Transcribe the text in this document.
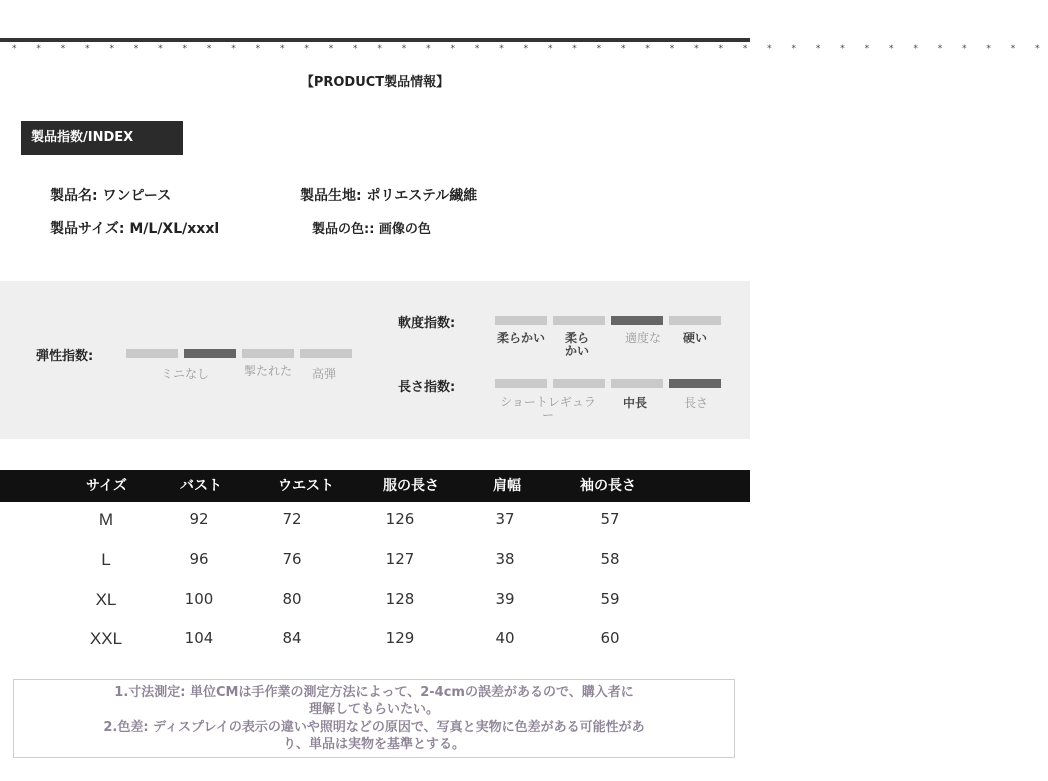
* * * * * * * * * * * * * * * * * * * * * * * * * * * * * * * * * * * * * * * * * * *
【PRODUCT製品情報】
製品指数/INDEX
製品名: ワンピース	製品生地: ポリエステル繊維
製品サイズ: M/L/XL/xxxl	製品の色:: 画像の色
弾性指数:
ミニなし	掣たれた	高弾
軟度指数:
柔らかい	柔らかい
適度な	硬い
長さ指数:
ショートレギュラー
中長	長さ
サイズ	バスト	ウエスト	服の長さ	肩幅	袖の長さ
M	92	72	126	37	57
L	96	76	127	38	58
XL	100	80	128	39	59
XXL	104	84	129	40	60
1.寸法測定: 単位CMは手作業の測定方法によって、2-4cmの誤差があるので、購入者に
理解してもらいたい。
2.色差: ディスプレイの表示の違いや照明などの原因で、写真と実物に色差がある可能性があ
り、単品は実物を基準とする。
